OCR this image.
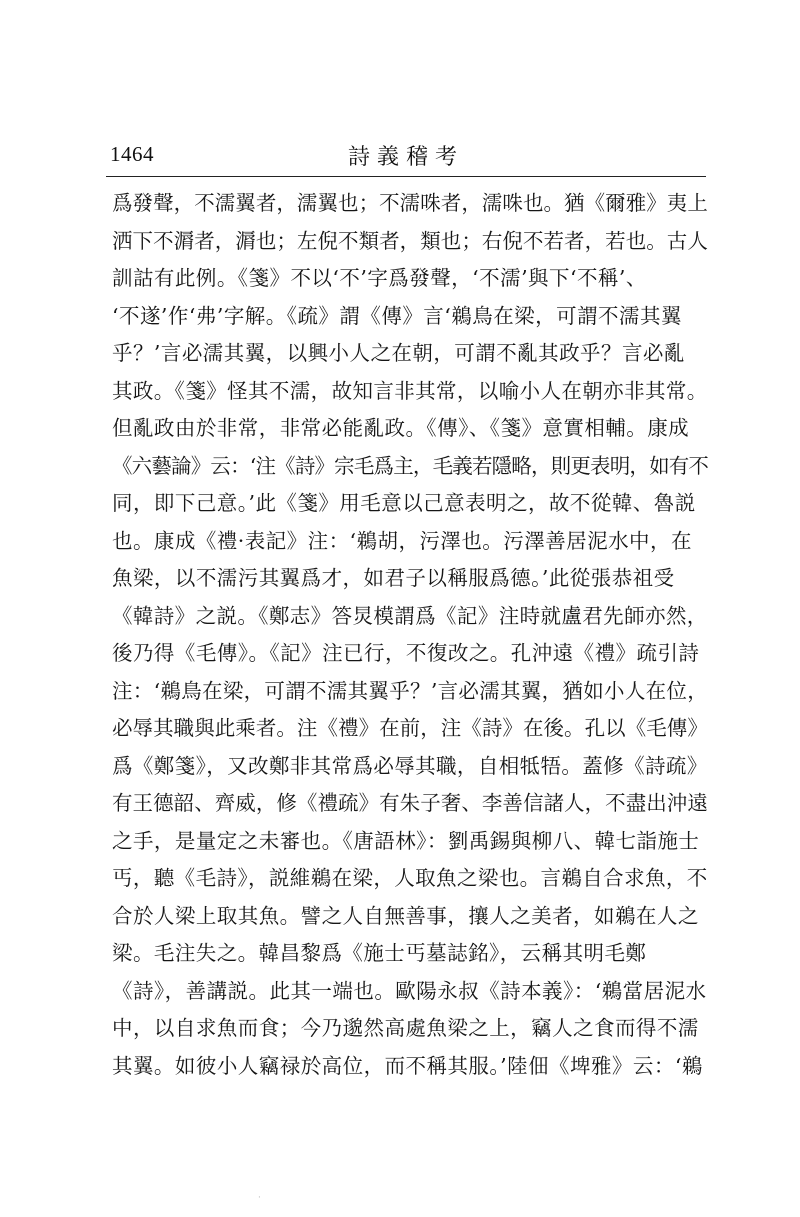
1464	詩義稽考
爲發聲，不濡翼者，濡翼也；不濡咮者，濡咮也。猶《爾雅》夷上
洒下不漘者，漘也；左倪不類者，類也；右倪不若者，若也。古人
訓詁有此例。《箋》不以‘不’字爲發聲，‘不濡’與下‘不稱’、
‘不遂’作‘弗’字解。《疏》謂《傳》言‘鵜鳥在梁，可謂不濡其翼
乎？’言必濡其翼，以興小人之在朝，可謂不亂其政乎？言必亂
其政。《箋》怪其不濡，故知言非其常，以喻小人在朝亦非其常。
但亂政由於非常，非常必能亂政。《傳》、《箋》意實相輔。康成
《六藝論》云：‘注《詩》宗毛爲主，毛義若隱略，則更表明，如有不
同，即下己意。’此《箋》用毛意以己意表明之，故不從韓、魯説
也。康成《禮·表記》注：‘鵜胡，污澤也。污澤善居泥水中，在
魚梁，以不濡污其翼爲才，如君子以稱服爲德。’此從張恭祖受
《韓詩》之説。《鄭志》答炅模謂爲《記》注時就盧君先師亦然，
後乃得《毛傳》。《記》注已行，不復改之。孔沖遠《禮》疏引詩
注：‘鵜鳥在梁，可謂不濡其翼乎？’言必濡其翼，猶如小人在位，
必辱其職與此乘者。注《禮》在前，注《詩》在後。孔以《毛傳》
爲《鄭箋》，又改鄭非其常爲必辱其職，自相牴牾。蓋修《詩疏》
有王德韶、齊威，修《禮疏》有朱子奢、李善信諸人，不盡出沖遠
之手，是量定之未審也。《唐語林》：劉禹錫與柳八、韓七詣施士
丐，聽《毛詩》，説維鵜在梁，人取魚之梁也。言鵜自合求魚，不
合於人梁上取其魚。譬之人自無善事，攘人之美者，如鵜在人之
梁。毛注失之。韓昌黎爲《施士丐墓誌銘》，云稱其明毛鄭
《詩》，善講説。此其一端也。歐陽永叔《詩本義》：‘鵜當居泥水
中，以自求魚而食；今乃邈然高處魚梁之上，竊人之食而得不濡
其翼。如彼小人竊禄於高位，而不稱其服。’陸佃《埤雅》云：‘鵜
·
